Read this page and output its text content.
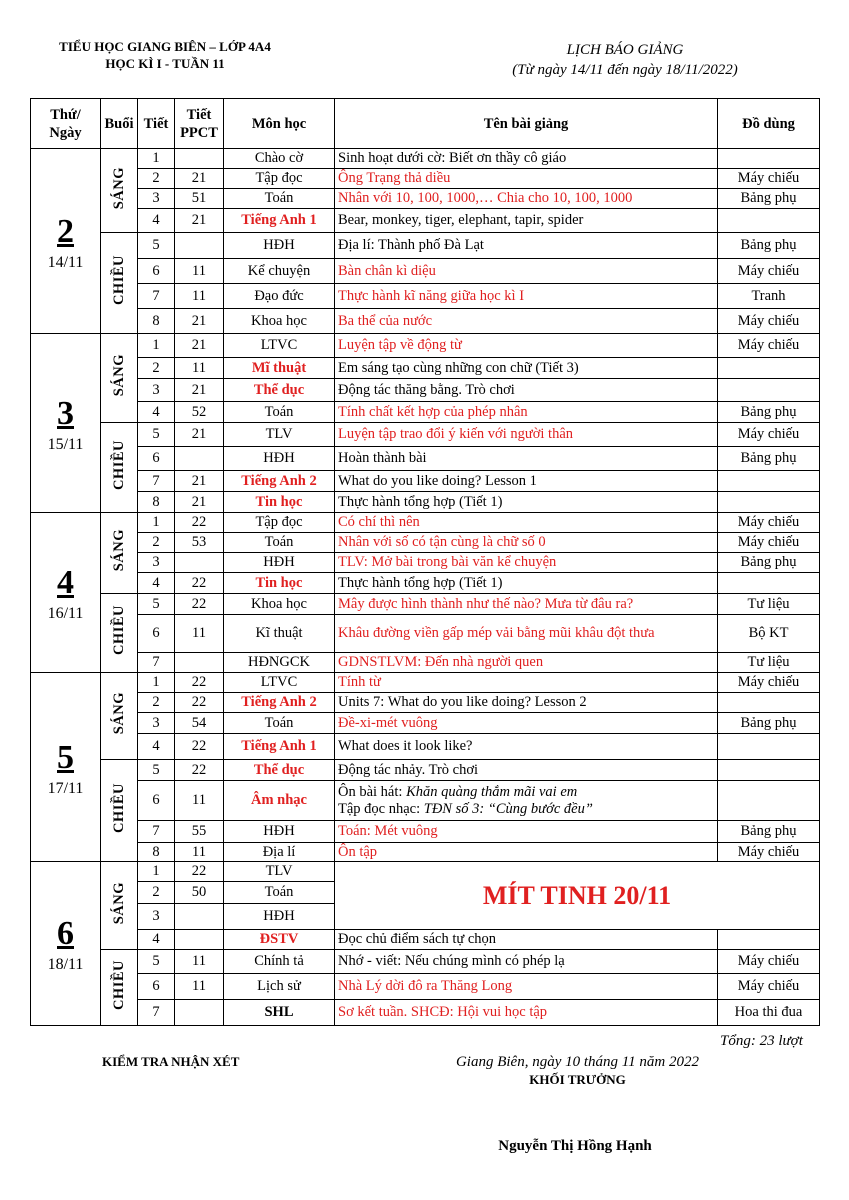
TIỂU HỌC GIANG BIÊN – LỚP 4A4
HỌC KÌ I - TUẦN 11
LỊCH BÁO GIẢNG
(Từ ngày 14/11 đến ngày 18/11/2022)
Thứ/ Ngày	Buổi	Tiết	Tiết PPCT	Môn học	Tên bài giảng	Đồ dùng

2
14/11	SÁNG	1		Chào cờ	Sinh hoạt dưới cờ: Biết ơn thầy cô giáo	
		2	21	Tập đọc	Ông Trạng thả diều	Máy chiếu
		3	51	Toán	Nhân với 10, 100, 1000,… Chia cho 10, 100, 1000	Bảng phụ
		4	21	Tiếng Anh 1	Bear, monkey, tiger, elephant, tapir, spider	
	CHIỀU	5		HĐH	Địa lí: Thành phố Đà Lạt	Bảng phụ
		6	11	Kể chuyện	Bàn chân kì diệu	Máy chiếu
		7	11	Đạo đức	Thực hành kĩ năng giữa học kì I	Tranh
		8	21	Khoa học	Ba thể của nước	Máy chiếu

3
15/11	SÁNG	1	21	LTVC	Luyện tập về động từ	Máy chiếu
		2	11	Mĩ thuật	Em sáng tạo cùng những con chữ (Tiết 3)	
		3	21	Thể dục	Động tác thăng bằng. Trò chơi	
		4	52	Toán	Tính chất kết hợp của phép nhân	Bảng phụ
	CHIỀU	5	21	TLV	Luyện tập trao đổi ý kiến với người thân	Máy chiếu
		6		HĐH	Hoàn thành bài	Bảng phụ
		7	21	Tiếng Anh 2	What do you like doing? Lesson 1	
		8	21	Tin học	Thực hành tổng hợp (Tiết 1)	

4
16/11	SÁNG	1	22	Tập đọc	Có chí thì nên	Máy chiếu
		2	53	Toán	Nhân với số có tận cùng là chữ số 0	Máy chiếu
		3		HĐH	TLV: Mở bài trong bài văn kể chuyện	Bảng phụ
		4	22	Tin học	Thực hành tổng hợp (Tiết 1)	
	CHIỀU	5	22	Khoa học	Mây được hình thành như thế nào? Mưa từ đâu ra?	Tư liệu
		6	11	Kĩ thuật	Khâu đường viền gấp mép vải bằng mũi khâu đột thưa	Bộ KT
		7		HĐNGCK	GDNSTLVM: Đến nhà người quen	Tư liệu

5
17/11	SÁNG	1	22	LTVC	Tính từ	Máy chiếu
		2	22	Tiếng Anh 2	Units 7: What do you like doing? Lesson 2	
		3	54	Toán	Đề-xi-mét vuông	Bảng phụ
		4	22	Tiếng Anh 1	What does it look like?	
	CHIỀU	5	22	Thể dục	Động tác nhảy. Trò chơi	
		6	11	Âm nhạc	Ôn bài hát: Khăn quàng thắm mãi vai em
Tập đọc nhạc: TĐN số 3: “Cùng bước đều”	

		7	55	HĐH	Toán: Mét vuông	Bảng phụ
		8	11	Địa lí	Ôn tập	Máy chiếu

6
18/11	SÁNG	1	22	TLV	MÍT TINH 20/11	
		2	50	Toán		
		3		HĐH		
		4		ĐSTV	Đọc chủ điểm sách tự chọn	
	CHIỀU	5	11	Chính tả	Nhớ - viết: Nếu chúng mình có phép lạ	Máy chiếu
		6	11	Lịch sử	Nhà Lý dời đô ra Thăng Long	Máy chiếu
		7		SHL	Sơ kết tuần. SHCĐ: Hội vui học tập	Hoa thi đua
Tổng: 23 lượt
KIỂM TRA NHẬN XÉT	Giang Biên, ngày 10 tháng 11 năm 2022
KHỐI TRƯỞNG
Nguyễn Thị Hồng Hạnh
